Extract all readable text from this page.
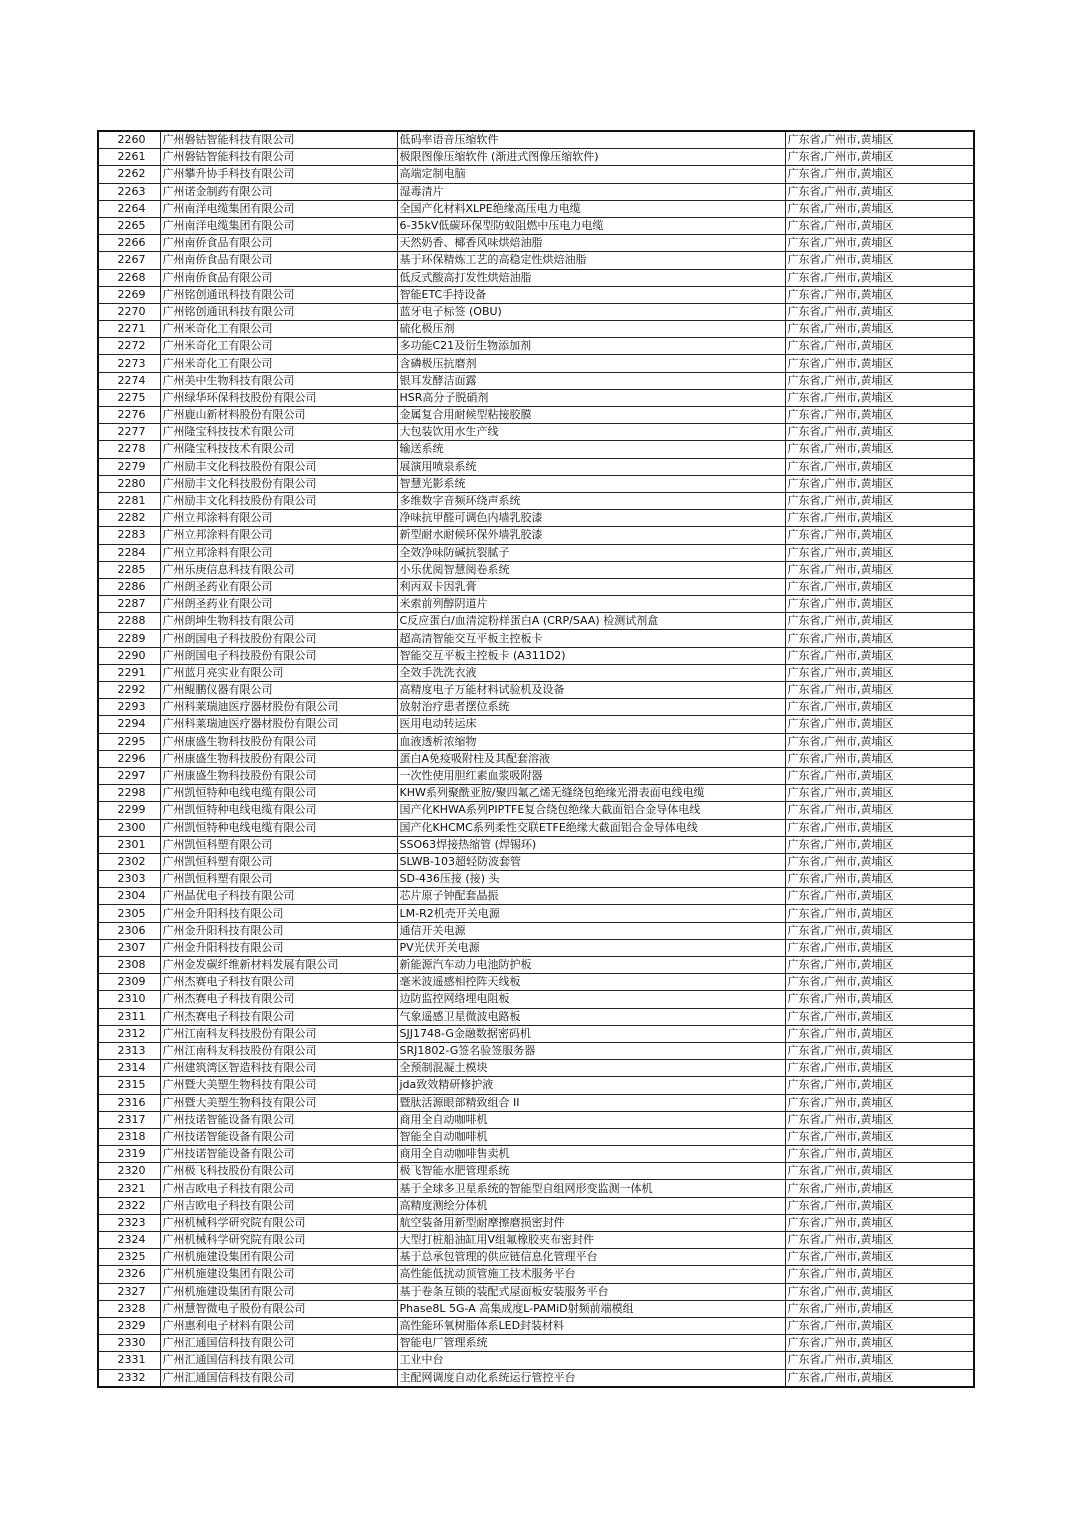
2260	广州磐钴智能科技有限公司	低码率语音压缩软件	广东省,广州市,黄埔区
2261	广州磐钴智能科技有限公司	极限图像压缩软件 (渐进式图像压缩软件)	广东省,广州市,黄埔区
2262	广州攀升协手科技有限公司	高端定制电脑	广东省,广州市,黄埔区
2263	广州诺金制药有限公司	湿毒清片	广东省,广州市,黄埔区
2264	广州南洋电缆集团有限公司	全国产化材料XLPE绝缘高压电力电缆	广东省,广州市,黄埔区
2265	广州南洋电缆集团有限公司	6-35kV低碳环保型防蚁阻燃中压电力电缆	广东省,广州市,黄埔区
2266	广州南侨食品有限公司	天然奶香、椰香风味烘焙油脂	广东省,广州市,黄埔区
2267	广州南侨食品有限公司	基于环保精炼工艺的高稳定性烘焙油脂	广东省,广州市,黄埔区
2268	广州南侨食品有限公司	低反式酸高打发性烘焙油脂	广东省,广州市,黄埔区
2269	广州铭创通讯科技有限公司	智能ETC手持设备	广东省,广州市,黄埔区
2270	广州铭创通讯科技有限公司	蓝牙电子标签 (OBU)	广东省,广州市,黄埔区
2271	广州米奇化工有限公司	硫化极压剂	广东省,广州市,黄埔区
2272	广州米奇化工有限公司	多功能C21及衍生物添加剂	广东省,广州市,黄埔区
2273	广州米奇化工有限公司	含磷极压抗磨剂	广东省,广州市,黄埔区
2274	广州美中生物科技有限公司	银耳发酵洁面露	广东省,广州市,黄埔区
2275	广州绿华环保科技股份有限公司	HSR高分子脱硝剂	广东省,广州市,黄埔区
2276	广州鹿山新材料股份有限公司	金属复合用耐候型粘接胶膜	广东省,广州市,黄埔区
2277	广州隆宝科技技术有限公司	大包装饮用水生产线	广东省,广州市,黄埔区
2278	广州隆宝科技技术有限公司	输送系统	广东省,广州市,黄埔区
2279	广州励丰文化科技股份有限公司	展演用喷泉系统	广东省,广州市,黄埔区
2280	广州励丰文化科技股份有限公司	智慧光影系统	广东省,广州市,黄埔区
2281	广州励丰文化科技股份有限公司	多维数字音频环绕声系统	广东省,广州市,黄埔区
2282	广州立邦涂料有限公司	净味抗甲醛可调色内墙乳胶漆	广东省,广州市,黄埔区
2283	广州立邦涂料有限公司	新型耐水耐候环保外墙乳胶漆	广东省,广州市,黄埔区
2284	广州立邦涂料有限公司	全效净味防碱抗裂腻子	广东省,广州市,黄埔区
2285	广州乐庚信息科技有限公司	小乐优阅智慧阅卷系统	广东省,广州市,黄埔区
2286	广州朗圣药业有限公司	利丙双卡因乳膏	广东省,广州市,黄埔区
2287	广州朗圣药业有限公司	米索前列醇阴道片	广东省,广州市,黄埔区
2288	广州朗坤生物科技有限公司	C反应蛋白/血清淀粉样蛋白A (CRP/SAA) 检测试剂盒	广东省,广州市,黄埔区
2289	广州朗国电子科技股份有限公司	超高清智能交互平板主控板卡	广东省,广州市,黄埔区
2290	广州朗国电子科技股份有限公司	智能交互平板主控板卡 (A311D2)	广东省,广州市,黄埔区
2291	广州蓝月亮实业有限公司	全效手洗洗衣液	广东省,广州市,黄埔区
2292	广州鲲鹏仪器有限公司	高精度电子万能材料试验机及设备	广东省,广州市,黄埔区
2293	广州科莱瑞迪医疗器材股份有限公司	放射治疗患者摆位系统	广东省,广州市,黄埔区
2294	广州科莱瑞迪医疗器材股份有限公司	医用电动转运床	广东省,广州市,黄埔区
2295	广州康盛生物科技股份有限公司	血液透析浓缩物	广东省,广州市,黄埔区
2296	广州康盛生物科技股份有限公司	蛋白A免疫吸附柱及其配套溶液	广东省,广州市,黄埔区
2297	广州康盛生物科技股份有限公司	一次性使用胆红素血浆吸附器	广东省,广州市,黄埔区
2298	广州凯恒特种电线电缆有限公司	KHW系列聚酰亚胺/聚四氟乙烯无缝绕包绝缘光滑表面电线电缆	广东省,广州市,黄埔区
2299	广州凯恒特种电线电缆有限公司	国产化KHWA系列PIPTFE复合绕包绝缘大截面铝合金导体电线	广东省,广州市,黄埔区
2300	广州凯恒特种电线电缆有限公司	国产化KHCMC系列柔性交联ETFE绝缘大截面铝合金导体电线	广东省,广州市,黄埔区
2301	广州凯恒科塑有限公司	SSO63焊接热缩管 (焊锡环)	广东省,广州市,黄埔区
2302	广州凯恒科塑有限公司	SLWB-103超轻防波套管	广东省,广州市,黄埔区
2303	广州凯恒科塑有限公司	SD-436压接 (接) 头	广东省,广州市,黄埔区
2304	广州晶优电子科技有限公司	芯片原子钟配套晶振	广东省,广州市,黄埔区
2305	广州金升阳科技有限公司	LM-R2机壳开关电源	广东省,广州市,黄埔区
2306	广州金升阳科技有限公司	通信开关电源	广东省,广州市,黄埔区
2307	广州金升阳科技有限公司	PV光伏开关电源	广东省,广州市,黄埔区
2308	广州金发碳纤维新材料发展有限公司	新能源汽车动力电池防护板	广东省,广州市,黄埔区
2309	广州杰赛电子科技有限公司	毫米波遥感相控阵天线板	广东省,广州市,黄埔区
2310	广州杰赛电子科技有限公司	边防监控网络埋电阻板	广东省,广州市,黄埔区
2311	广州杰赛电子科技有限公司	气象遥感卫星微波电路板	广东省,广州市,黄埔区
2312	广州江南科友科技股份有限公司	SJJ1748-G金融数据密码机	广东省,广州市,黄埔区
2313	广州江南科友科技股份有限公司	SRJ1802-G签名验签服务器	广东省,广州市,黄埔区
2314	广州建筑湾区智造科技有限公司	全预制混凝土模块	广东省,广州市,黄埔区
2315	广州暨大美塑生物科技有限公司	jda致效精研修护液	广东省,广州市,黄埔区
2316	广州暨大美塑生物科技有限公司	暨肽活源眼部精致组合 II	广东省,广州市,黄埔区
2317	广州技诺智能设备有限公司	商用全自动咖啡机	广东省,广州市,黄埔区
2318	广州技诺智能设备有限公司	智能全自动咖啡机	广东省,广州市,黄埔区
2319	广州技诺智能设备有限公司	商用全自动咖啡售卖机	广东省,广州市,黄埔区
2320	广州极飞科技股份有限公司	极飞智能水肥管理系统	广东省,广州市,黄埔区
2321	广州吉欧电子科技有限公司	基于全球多卫星系统的智能型自组网形变监测一体机	广东省,广州市,黄埔区
2322	广州吉欧电子科技有限公司	高精度测绘分体机	广东省,广州市,黄埔区
2323	广州机械科学研究院有限公司	航空装备用新型耐摩擦磨损密封件	广东省,广州市,黄埔区
2324	广州机械科学研究院有限公司	大型打桩船油缸用V组氟橡胶夹布密封件	广东省,广州市,黄埔区
2325	广州机施建设集团有限公司	基于总承包管理的供应链信息化管理平台	广东省,广州市,黄埔区
2326	广州机施建设集团有限公司	高性能低扰动顶管施工技术服务平台	广东省,广州市,黄埔区
2327	广州机施建设集团有限公司	基于卷条互锁的装配式屋面板安装服务平台	广东省,广州市,黄埔区
2328	广州慧智微电子股份有限公司	Phase8L 5G-A 高集成度L-PAMiD射频前端模组	广东省,广州市,黄埔区
2329	广州惠利电子材料有限公司	高性能环氧树脂体系LED封装材料	广东省,广州市,黄埔区
2330	广州汇通国信科技有限公司	智能电厂管理系统	广东省,广州市,黄埔区
2331	广州汇通国信科技有限公司	工业中台	广东省,广州市,黄埔区
2332	广州汇通国信科技有限公司	主配网调度自动化系统运行管控平台	广东省,广州市,黄埔区
